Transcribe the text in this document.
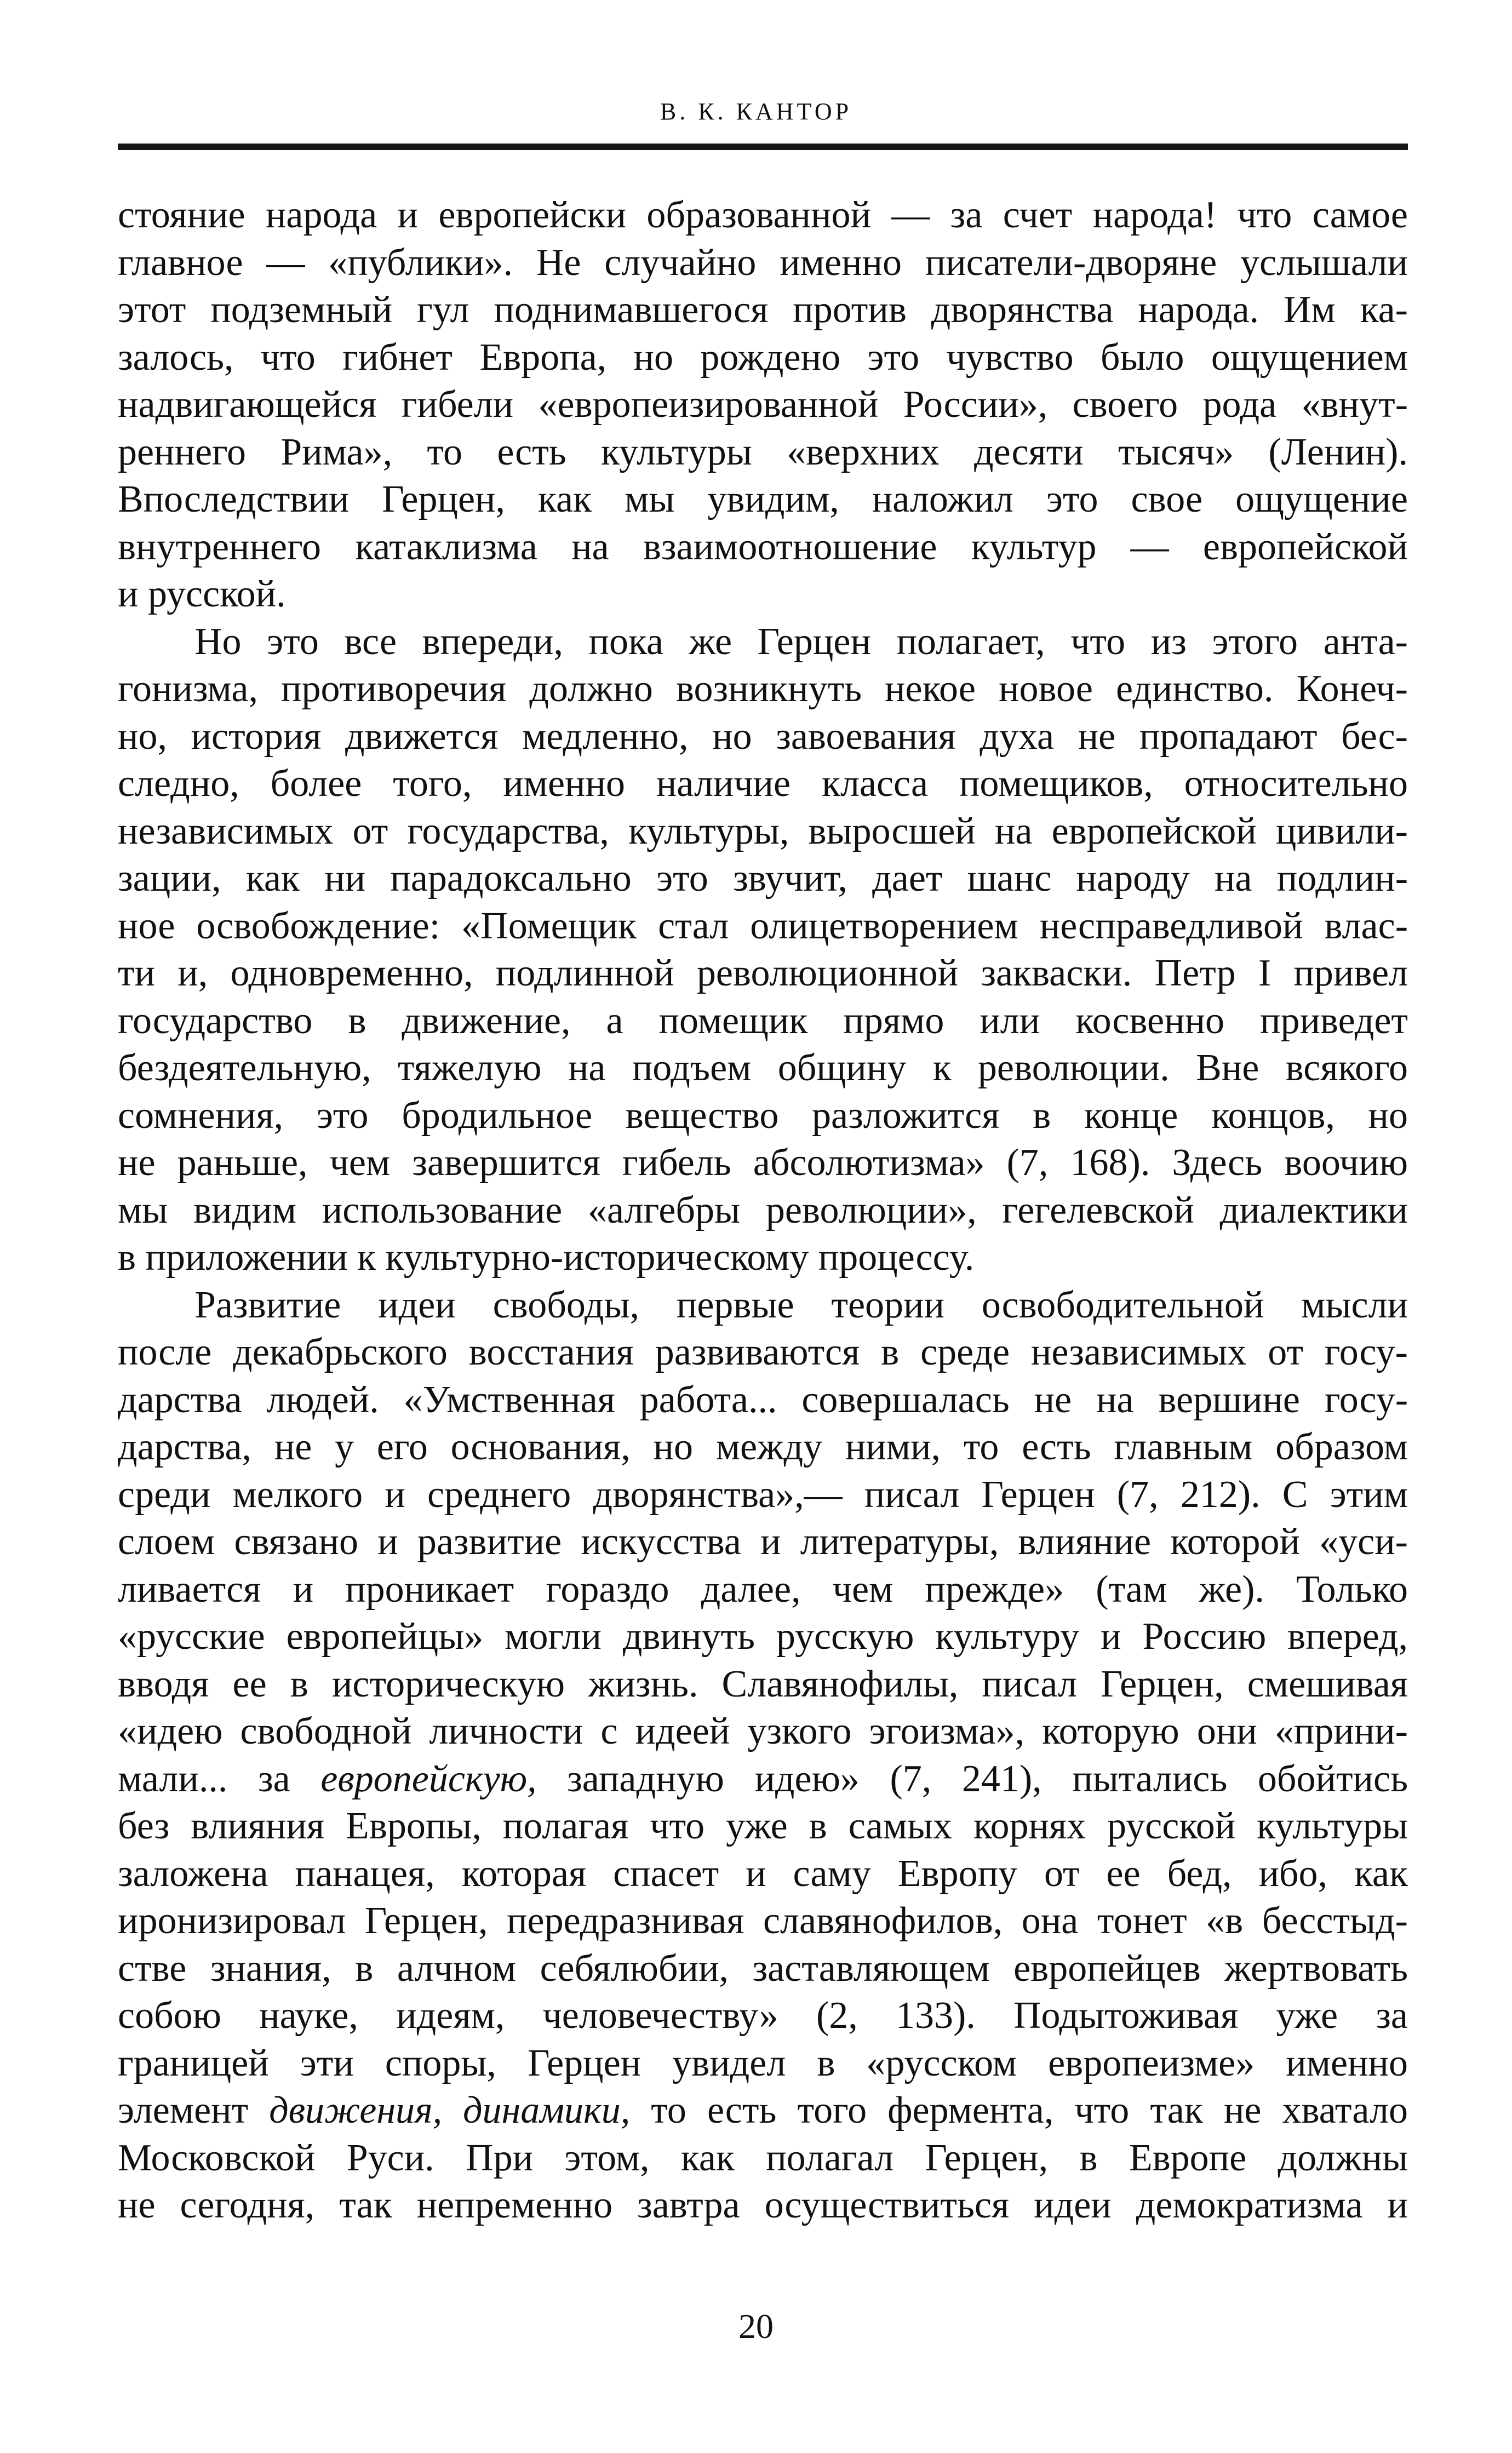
В. К. КАНТОР

стояние народа и европейски образованной — за счет народа! что самое

главное — «публики». Не случайно именно писатели-дворяне услышали

этот подземный гул поднимавшегося против дворянства народа. Им ка-

залось, что гибнет Европа, но рождено это чувство было ощущением

надвигающейся гибели «европеизированной России», своего рода «внут-

реннего Рима», то есть культуры «верхних десяти тысяч» (Ленин).

Впоследствии Герцен, как мы увидим, наложил это свое ощущение

внутреннего катаклизма на взаимоотношение культур — европейской

и русской.

Но это все впереди, пока же Герцен полагает, что из этого анта-

гонизма, противоречия должно возникнуть некое новое единство. Конеч-

но, история движется медленно, но завоевания духа не пропадают бес-

следно, более того, именно наличие класса помещиков, относительно

независимых от государства, культуры, выросшей на европейской цивили-

зации, как ни парадоксально это звучит, дает шанс народу на подлин-

ное освобождение: «Помещик стал олицетворением несправедливой влас-

ти и, одновременно, подлинной революционной закваски. Петр I привел

государство в движение, а помещик прямо или косвенно приведет

бездеятельную, тяжелую на подъем общину к революции. Вне всякого

сомнения, это бродильное вещество разложится в конце концов, но

не раньше, чем завершится гибель абсолютизма» (7, 168). Здесь воочию

мы видим использование «алгебры революции», гегелевской диалектики

в приложении к культурно-историческому процессу.

Развитие идеи свободы, первые теории освободительной мысли

после декабрьского восстания развиваются в среде независимых от госу-

дарства людей. «Умственная работа... совершалась не на вершине госу-

дарства, не у его основания, но между ними, то есть главным образом

среди мелкого и среднего дворянства»,— писал Герцен (7, 212). С этим

слоем связано и развитие искусства и литературы, влияние которой «уси-

ливается и проникает гораздо далее, чем прежде» (там же). Только

«русские европейцы» могли двинуть русскую культуру и Россию вперед,

вводя ее в историческую жизнь. Славянофилы, писал Герцен, смешивая

«идею свободной личности с идеей узкого эгоизма», которую они «прини-

мали... за европейскую, западную идею» (7, 241), пытались обойтись

без влияния Европы, полагая что уже в самых корнях русской культуры

заложена панацея, которая спасет и саму Европу от ее бед, ибо, как

иронизировал Герцен, передразнивая славянофилов, она тонет «в бесстыд-

стве знания, в алчном себялюбии, заставляющем европейцев жертвовать

собою науке, идеям, человечеству» (2, 133). Подытоживая уже за

границей эти споры, Герцен увидел в «русском европеизме» именно

элемент движения, динамики, то есть того фермента, что так не хватало

Московской Руси. При этом, как полагал Герцен, в Европе должны

не сегодня, так непременно завтра осуществиться идеи демократизма и

20
